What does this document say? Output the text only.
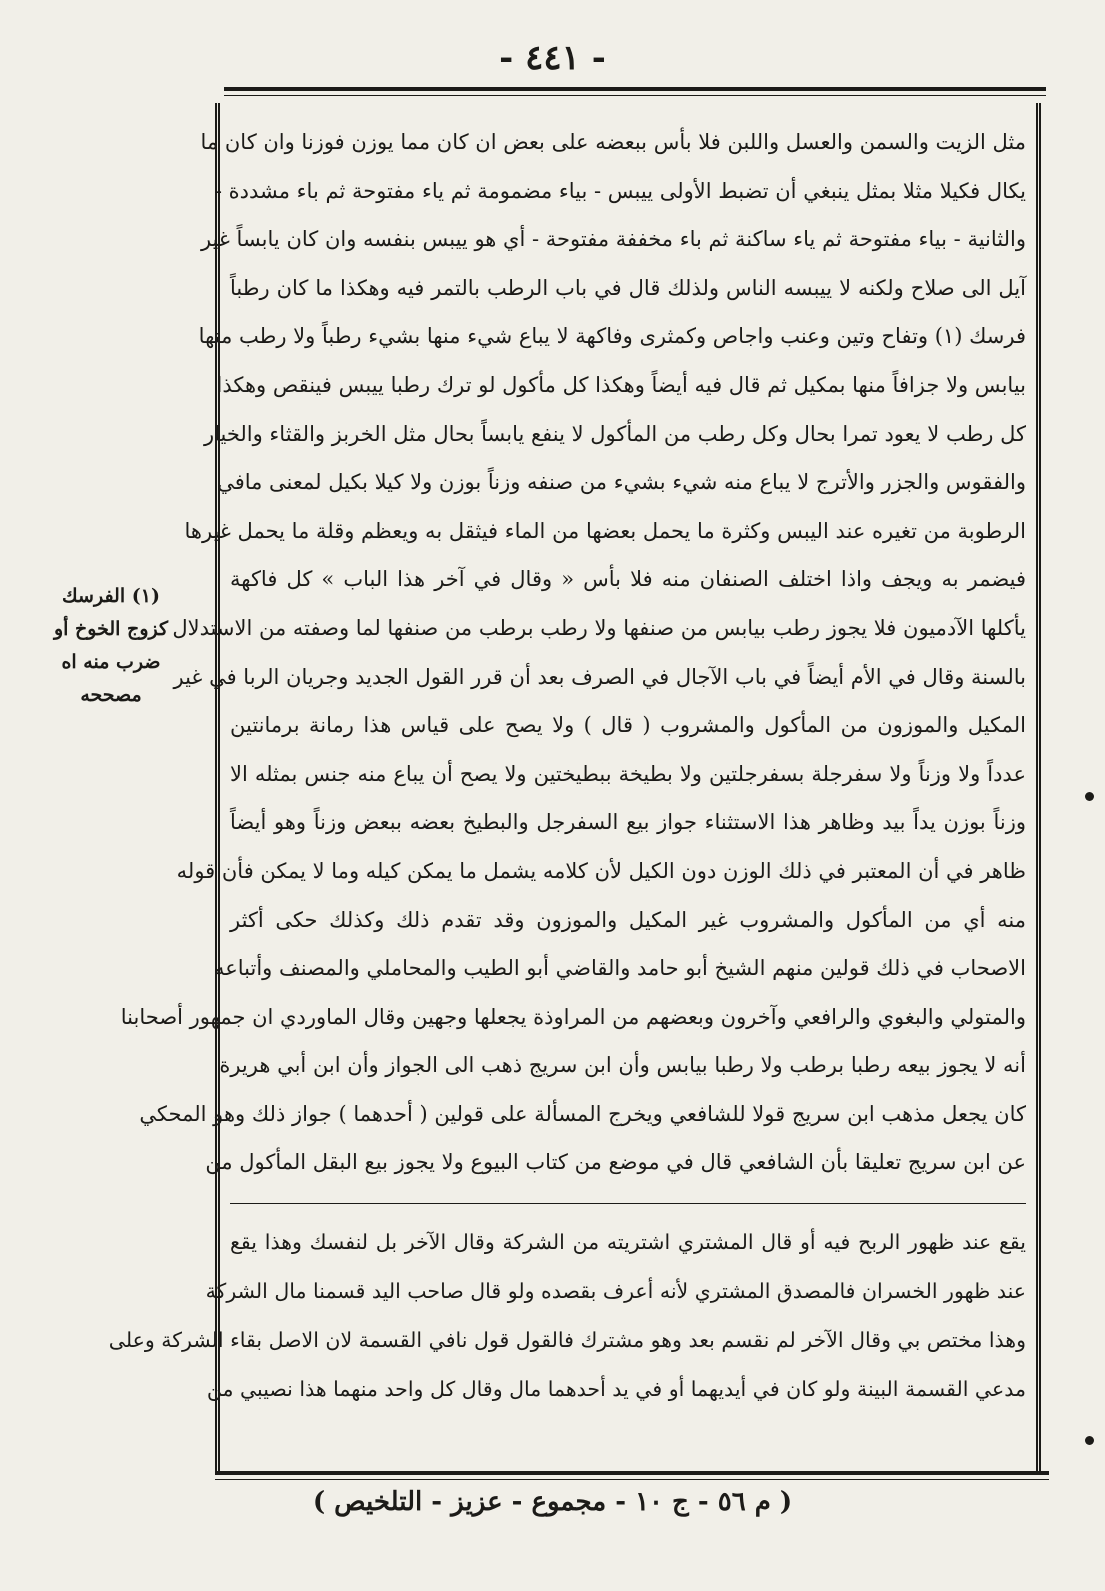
- ٤٤١ -
مثل الزيت والسمن والعسل واللبن فلا بأس ببعضه على بعض ان كان مما يوزن فوزنا وان كان ما
يكال فكيلا مثلا بمثل ينبغي أن تضبط الأولى ييبس - بياء مضمومة ثم ياء مفتوحة ثم باء مشددة -
والثانية - بياء مفتوحة ثم ياء ساكنة ثم باء مخففة مفتوحة - أي هو ييبس بنفسه وان كان يابساً غير
آيل الى صلاح ولكنه لا ييبسه الناس ولذلك قال في باب الرطب بالتمر فيه وهكذا ما كان رطباً
فرسك (١) وتفاح وتين وعنب واجاص وكمثرى وفاكهة لا يباع شيء منها بشيء رطباً ولا رطب منها
بيابس ولا جزافاً منها بمكيل ثم قال فيه أيضاً وهكذا كل مأكول لو ترك رطبا ييبس فينقص وهكذا
كل رطب لا يعود تمرا بحال وكل رطب من المأكول لا ينفع يابساً بحال مثل الخربز والقثاء والخيار
والفقوس والجزر والأترج لا يباع منه شيء بشيء من صنفه وزناً بوزن ولا كيلا بكيل لمعنى مافي
الرطوبة من تغيره عند اليبس وكثرة ما يحمل بعضها من الماء فيثقل به ويعظم وقلة ما يحمل غيرها
فيضمر به ويجف واذا اختلف الصنفان منه فلا بأس « وقال في آخر هذا الباب » كل فاكهة
يأكلها الآدميون فلا يجوز رطب بيابس من صنفها ولا رطب برطب من صنفها لما وصفته من الاستدلال
بالسنة وقال في الأم أيضاً في باب الآجال في الصرف بعد أن قرر القول الجديد وجريان الربا في غير
المكيل والموزون من المأكول والمشروب ( قال ) ولا يصح على قياس هذا رمانة برمانتين
عدداً ولا وزناً ولا سفرجلة بسفرجلتين ولا بطيخة ببطيختين ولا يصح أن يباع منه جنس بمثله الا
وزناً بوزن يداً بيد وظاهر هذا الاستثناء جواز بيع السفرجل والبطيخ بعضه ببعض وزناً وهو أيضاً
ظاهر في أن المعتبر في ذلك الوزن دون الكيل لأن كلامه يشمل ما يمكن كيله وما لا يمكن فأن قوله
منه أي من المأكول والمشروب غير المكيل والموزون وقد تقدم ذلك وكذلك حكى أكثر
الاصحاب في ذلك قولين منهم الشيخ أبو حامد والقاضي أبو الطيب والمحاملي والمصنف وأتباعه
والمتولي والبغوي والرافعي وآخرون وبعضهم من المراوذة يجعلها وجهين وقال الماوردي ان جمهور أصحابنا
أنه لا يجوز بيعه رطبا برطب ولا رطبا بيابس وأن ابن سريج ذهب الى الجواز وأن ابن أبي هريرة
كان يجعل مذهب ابن سريج قولا للشافعي ويخرج المسألة على قولين ( أحدهما ) جواز ذلك وهو المحكي
عن ابن سريج تعليقا بأن الشافعي قال في موضع من كتاب البيوع ولا يجوز بيع البقل المأكول من
يقع عند ظهور الربح فيه أو قال المشتري اشتريته من الشركة وقال الآخر بل لنفسك وهذا يقع
عند ظهور الخسران فالمصدق المشتري لأنه أعرف بقصده ولو قال صاحب اليد قسمنا مال الشركة
وهذا مختص بي وقال الآخر لم نقسم بعد وهو مشترك فالقول قول نافي القسمة لان الاصل بقاء الشركة وعلى
مدعي القسمة البينة ولو كان في أيديهما أو في يد أحدهما مال وقال كل واحد منهما هذا نصيبي من
(١) الفرسك
كزوج الخوخ أو
ضرب منه اه
مصححه
( م ٥٦ - ج ١٠ - مجموع - عزيز - التلخيص )
